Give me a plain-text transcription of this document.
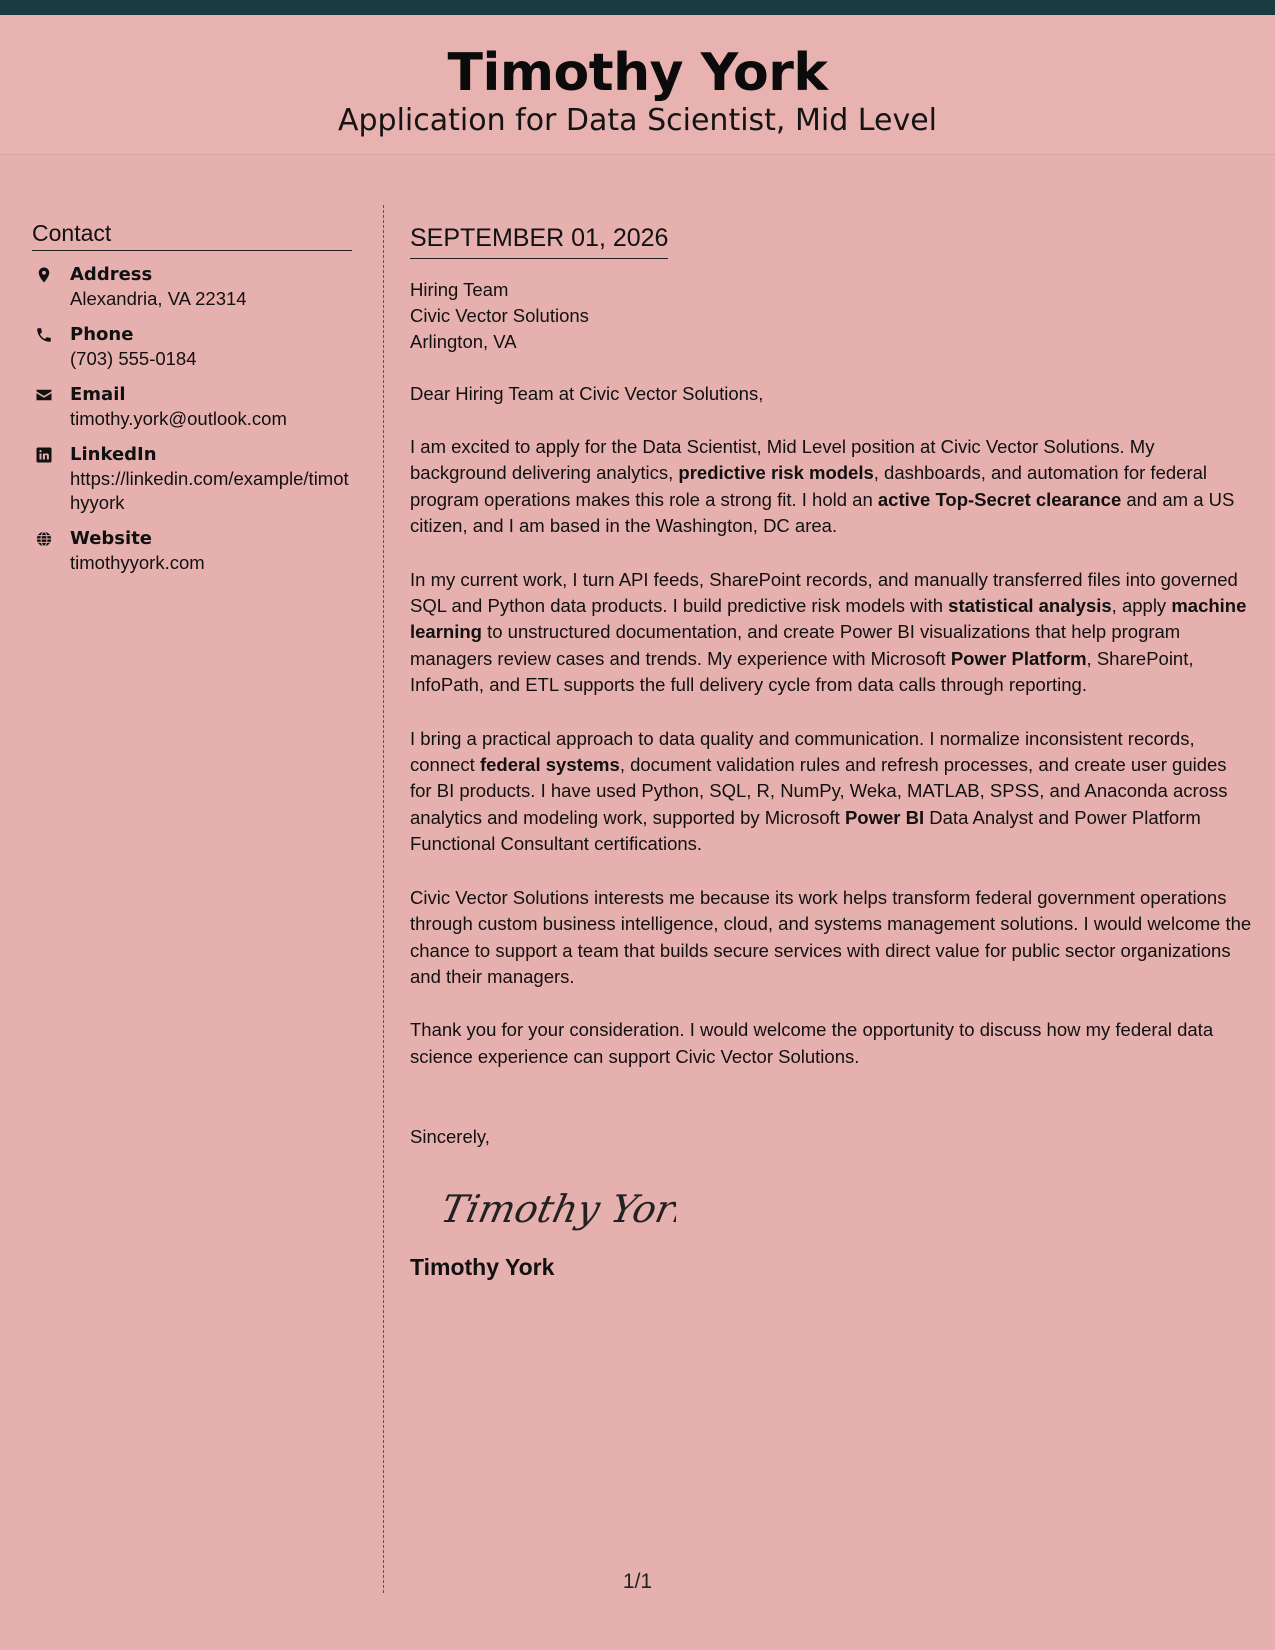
Timothy York
Application for Data Scientist, Mid Level
Contact
Address
Alexandria, VA 22314
Phone
(703) 555-0184
Email
timothy.york@outlook.com
LinkedIn
https://linkedin.com/example/timothyyork
Website
timothyyork.com
SEPTEMBER 01, 2026
Hiring Team
Civic Vector Solutions
Arlington, VA
Dear Hiring Team at Civic Vector Solutions,
I am excited to apply for the Data Scientist, Mid Level position at Civic Vector Solutions. My background delivering analytics, predictive risk models, dashboards, and automation for federal program operations makes this role a strong fit. I hold an active Top-Secret clearance and am a US citizen, and I am based in the Washington, DC area.
In my current work, I turn API feeds, SharePoint records, and manually transferred files into governed SQL and Python data products. I build predictive risk models with statistical analysis, apply machine learning to unstructured documentation, and create Power BI visualizations that help program managers review cases and trends. My experience with Microsoft Power Platform, SharePoint, InfoPath, and ETL supports the full delivery cycle from data calls through reporting.
I bring a practical approach to data quality and communication. I normalize inconsistent records, connect federal systems, document validation rules and refresh processes, and create user guides for BI products. I have used Python, SQL, R, NumPy, Weka, MATLAB, SPSS, and Anaconda across analytics and modeling work, supported by Microsoft Power BI Data Analyst and Power Platform Functional Consultant certifications.
Civic Vector Solutions interests me because its work helps transform federal government operations through custom business intelligence, cloud, and systems management solutions. I would welcome the chance to support a team that builds secure services with direct value for public sector organizations and their managers.
Thank you for your consideration. I would welcome the opportunity to discuss how my federal data science experience can support Civic Vector Solutions.
Sincerely,
Timothy York
Timothy York
1/1
